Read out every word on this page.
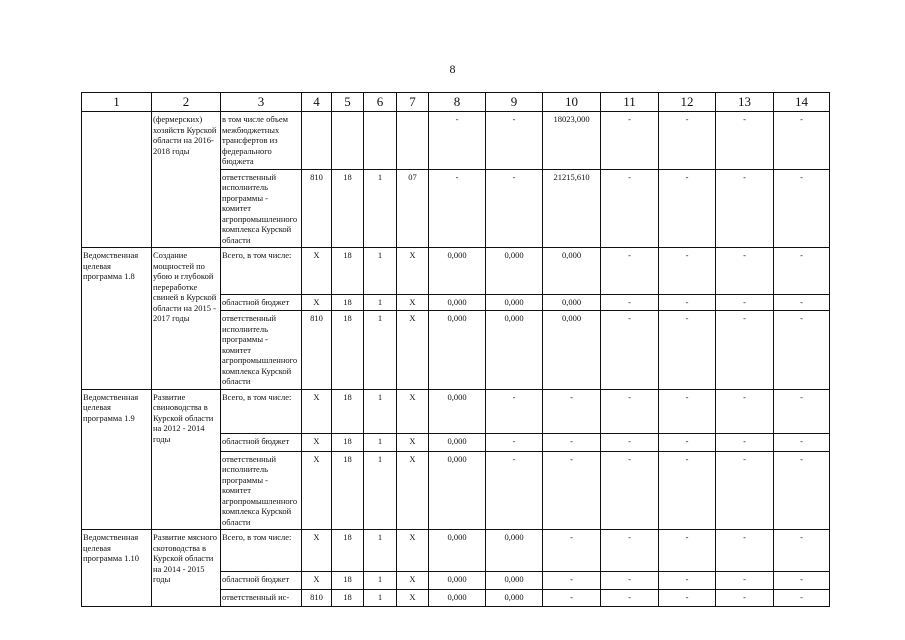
8
1	2	3	4	5	6	7	8	9	10	11	12	13	14
	(фермерских) хозяйств Курской области на 2016-2018 годы	в том числе объем межбюджетных трансфертов из федерального бюджета					-	-	18023,000	-	-	-	-
		ответственный исполнитель программы - комитет агропромышленного комплекса Курской области	810	18	1	07	-	-	21215,610	-	-	-	-
Ведомственная целевая программа 1.8	Создание мощностей по убою и глубокой переработке свиней в Курской области на 2015 - 2017 годы	Всего, в том числе:	X	18	1	X	0,000	0,000	0,000	-	-	-	-
		областной бюджет	X	18	1	X	0,000	0,000	0,000	-	-	-	-
		ответственный исполнитель программы - комитет агропромышленного комплекса Курской области	810	18	1	X	0,000	0,000	0,000	-	-	-	-
Ведомственная целевая программа 1.9	Развитие свиноводства в Курской области на 2012 - 2014 годы	Всего, в том числе:	X	18	1	X	0,000	-	-	-	-	-	-
		областной бюджет	X	18	1	X	0,000	-	-	-	-	-	-
		ответственный исполнитель программы - комитет агропромышленного комплекса Курской области	X	18	1	X	0,000	-	-	-	-	-	-
Ведомственная целевая программа 1.10	Развитие мясного скотоводства в Курской области на 2014 - 2015 годы	Всего, в том числе:	X	18	1	X	0,000	0,000	-	-	-	-	-
		областной бюджет	X	18	1	X	0,000	0,000	-	-	-	-	-
		ответственный ис-	810	18	1	X	0,000	0,000	-	-	-	-	-
